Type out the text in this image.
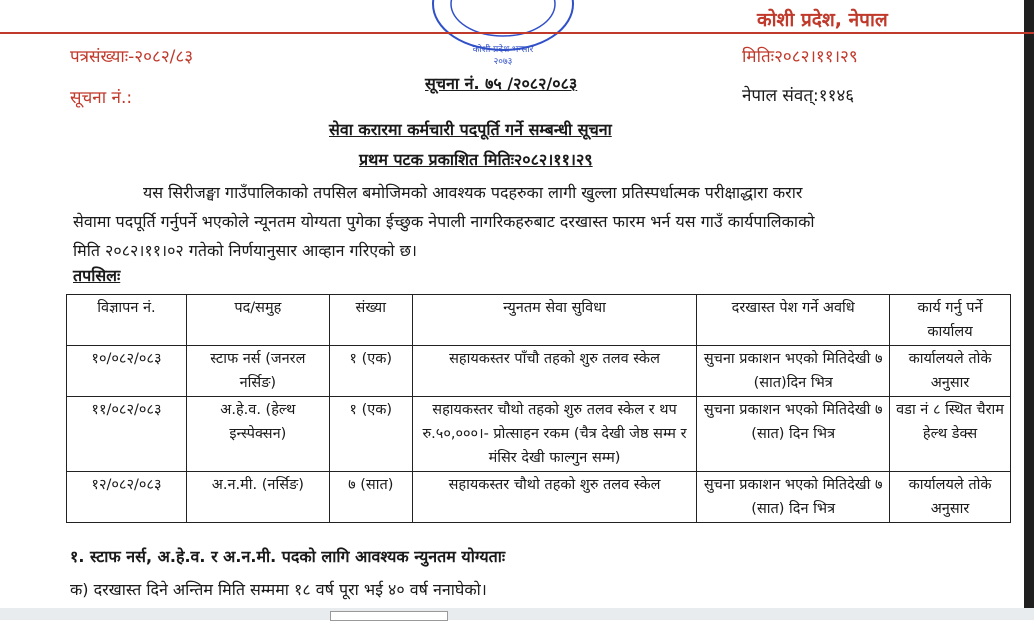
कोशी प्रदेश भन्सार
२०७३
कोशी प्रदेश, नेपाल
पत्रसंख्याः-२०८२/८३	मितिः२०८२।११।२९
सूचना नं.:
सूचना नं. ७५ /२०८२/०८३
नेपाल संवत्:११४६
सेवा करारमा कर्मचारी पदपूर्ति गर्ने सम्बन्धी सूचना
प्रथम पटक प्रकाशित मितिः२०८२।११।२९
यस सिरीजङ्घा गाउँपालिकाको तपसिल बमोजिमको आवश्यक पदहरुका लागी खुल्ला प्रतिस्पर्धात्मक परीक्षाद्धारा करार
सेवामा पदपूर्ति गर्नुपर्ने भएकोले न्यूनतम योग्यता पुगेका ईच्छुक नेपाली नागरिकहरुबाट दरखास्त फारम भर्न यस गाउँ कार्यपालिकाको
मिति २०८२।११।०२ गतेको निर्णयानुसार आव्हान गरिएको छ।
तपसिलः
विज्ञापन नं.	पद/समुह	संख्या	न्युनतम सेवा सुविधा	दरखास्त पेश गर्ने अवधि	कार्य गर्नु पर्ने कार्यालय
१०/०८२/०८३	स्टाफ नर्स (जनरल नर्सिङ)	१ (एक)	सहायकस्तर पाँचौ तहको शुरु तलव स्केल	सुचना प्रकाशन भएको मितिदेखी ७ (सात)दिन भित्र	कार्यालयले तोके अनुसार
११/०८२/०८३	अ.हे.व. (हेल्थ इन्स्पेक्सन)	१ (एक)	सहायकस्तर चौथो तहको शुरु तलव स्केल र थप रु.५०,०००।- प्रोत्साहन रकम (चैत्र देखी जेष्ठ सम्म र मंसिर देखी फाल्गुन सम्म)	सुचना प्रकाशन भएको मितिदेखी ७ (सात) दिन भित्र	वडा नं ८ स्थित चैराम हेल्थ डेक्स
१२/०८२/०८३	अ.न.मी. (नर्सिङ)	७ (सात)	सहायकस्तर चौथो तहको शुरु तलव स्केल	सुचना प्रकाशन भएको मितिदेखी ७ (सात) दिन भित्र	कार्यालयले तोके अनुसार
१. स्टाफ नर्स, अ.हे.व. र अ.न.मी. पदको लागि आवश्यक न्युनतम योग्यताः
क) दरखास्त दिने अन्तिम मिति सम्ममा १८ वर्ष पूरा भई ४० वर्ष ननाघेको।
